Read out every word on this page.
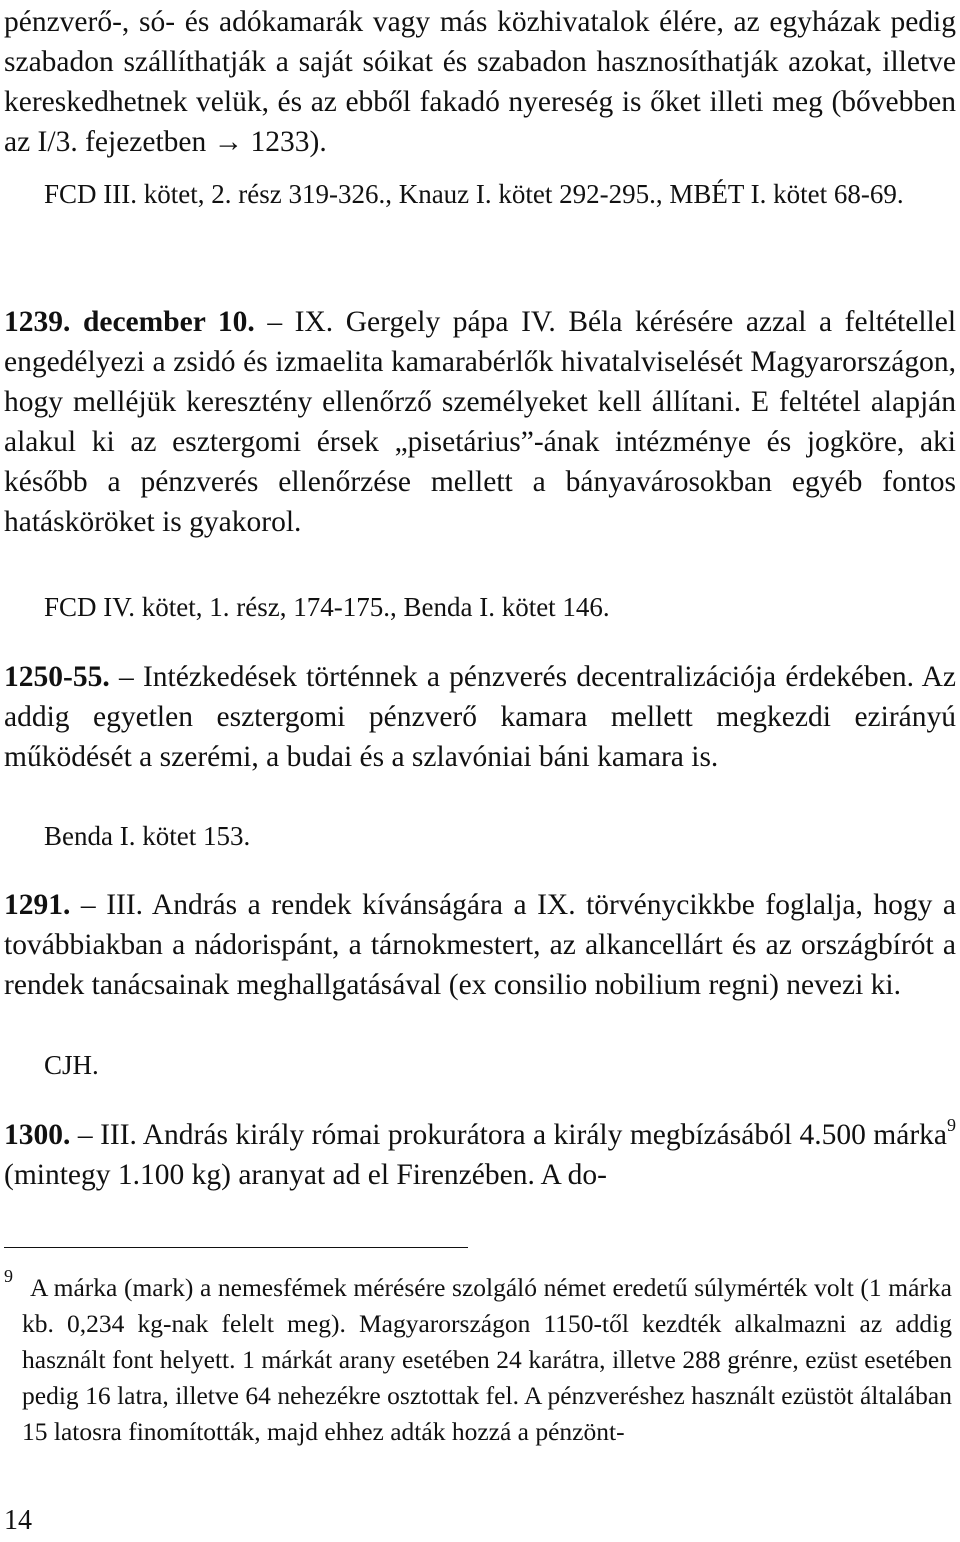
pénzverő-, só- és adókamarák vagy más közhivatalok élére, az egyházak pedig szabadon szállíthatják a saját sóikat és szabadon hasznosíthatják azokat, illetve kereskedhetnek velük, és az ebből fakadó nyereség is őket illeti meg (bővebben az I/3. fejezetben → 1233).

FCD III. kötet, 2. rész 319-326., Knauz I. kötet 292-295., MBÉT I. kötet 68-69.

1239. december 10. – IX. Gergely pápa IV. Béla kérésére azzal a feltétellel engedélyezi a zsidó és izmaelita kamarabérlők hivatalviselését Magyarországon, hogy melléjük keresztény ellenőrző személyeket kell állítani. E feltétel alapján alakul ki az esztergomi érsek „pisetárius”-ának intézménye és jogköre, aki később a pénzverés ellenőrzése mellett a bányavárosokban egyéb fontos hatásköröket is gyakorol.

FCD IV. kötet, 1. rész, 174-175., Benda I. kötet 146.

1250-55. – Intézkedések történnek a pénzverés decentralizációja érdekében. Az addig egyetlen esztergomi pénzverő kamara mellett megkezdi ezirányú működését a szerémi, a budai és a szlavóniai báni kamara is.

Benda I. kötet 153.

1291. – III. András a rendek kívánságára a IX. törvénycikkbe foglalja, hogy a továbbiakban a nádorispánt, a tárnokmestert, az alkancellárt és az országbírót a rendek tanácsainak meghallgatásával (ex consilio nobilium regni) nevezi ki.

CJH.

1300. – III. András király római prokurátora a király megbízásából 4.500 márka$^9$ (mintegy 1.100 kg) aranyat ad el Firenzében. A do-

9 A márka (mark) a nemesfémek mérésére szolgáló német eredetű súlymérték volt (1 márka kb. 0,234 kg-nak felelt meg). Magyarországon 1150-től kezdték alkalmazni az addig használt font helyett. 1 márkát arany esetében 24 karátra, illetve 288 grénre, ezüst esetében pedig 16 latra, illetve 64 nehezékre osztottak fel. A pénzveréshez használt ezüstöt általában 15 latosra finomították, majd ehhez adták hozzá a pénzönt-

14
